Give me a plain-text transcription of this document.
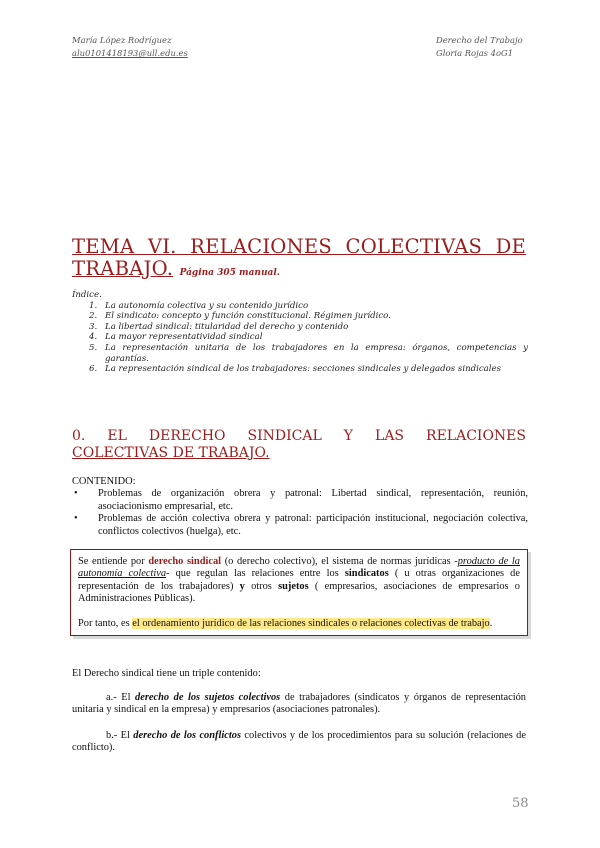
María López Rodríguez
alu0101418193@ull.edu.es
Derecho del Trabajo
Gloria Rojas 4oG1
TEMA VI. RELACIONES COLECTIVAS DE
TRABAJO. Página 305 manual.
Índice.
1. La autonomía colectiva y su contenido jurídico
2. El sindicato: concepto y función constitucional. Régimen jurídico.
3. La libertad sindical: titularidad del derecho y contenido
4. La mayor representatividad sindical
5. La representación unitaria de los trabajadores en la empresa: órganos, competencias y garantías.
6. La representación sindical de los trabajadores: secciones sindicales y delegados sindicales
0. EL DERECHO SINDICAL Y LAS RELACIONES
COLECTIVAS DE TRABAJO.
CONTENIDO:
•	Problemas de organización obrera y patronal: Libertad sindical, representación, reunión, asociacionismo empresarial, etc.
•	Problemas de acción colectiva obrera y patronal: participación institucional, negociación colectiva, conflictos colectivos (huelga), etc.

Se entiende por derecho sindical (o derecho colectivo), el sistema de normas jurídicas -producto de la autonomía colectiva- que regulan las relaciones entre los sindicatos ( u otras organizaciones de representación de los trabajadores) y otros sujetos ( empresarios, asociaciones de empresarios o Administraciones Públicas).

Por tanto, es el ordenamiento jurídico de las relaciones sindicales o relaciones colectivas de trabajo.

El Derecho sindical tiene un triple contenido:
a.- El derecho de los sujetos colectivos de trabajadores (sindicatos y órganos de representación unitaria y sindical en la empresa) y empresarios (asociaciones patronales).
b.- El derecho de los conflictos colectivos y de los procedimientos para su solución (relaciones de conflicto).
58
